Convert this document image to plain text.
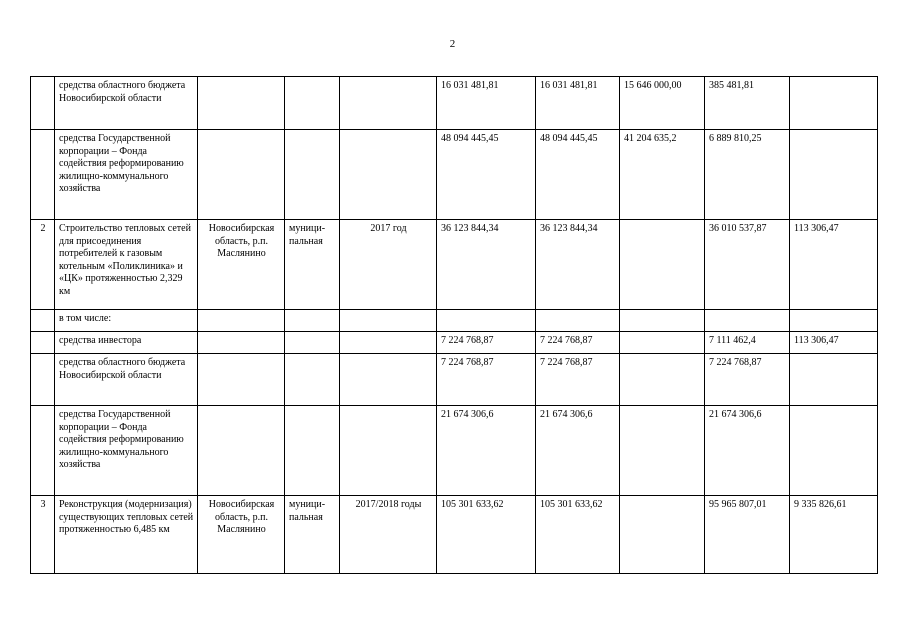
2
	средства областного бюджета Новосибирской области				16 031 481,81	16 031 481,81	15 646 000,00	385 481,81	
	средства Государственной корпорации – Фонда содействия реформированию жилищно-коммунального хозяйства				48 094 445,45	48 094 445,45	41 204 635,2	6 889 810,25	
2	Строительство тепловых сетей для присоединения потребителей к газовым котельным «Поликлиника» и «ЦК» протяженностью 2,329 км	Новосибирская область, р.п. Маслянино	муници-пальная	2017 год	36 123 844,34	36 123 844,34		36 010 537,87	113 306,47
	в том числе:								
	средства инвестора				7 224 768,87	7 224 768,87		7 111 462,4	113 306,47
	средства областного бюджета Новосибирской области				7 224 768,87	7 224 768,87		7 224 768,87	
	средства Государственной корпорации – Фонда содействия реформированию жилищно-коммунального хозяйства				21 674 306,6	21 674 306,6		21 674 306,6	
3	Реконструкция (модернизация) существующих тепловых сетей протяженностью 6,485 км	Новосибирская область, р.п. Маслянино	муници-пальная	2017/2018 годы	105 301 633,62	105 301 633,62		95 965 807,01	9 335 826,61
